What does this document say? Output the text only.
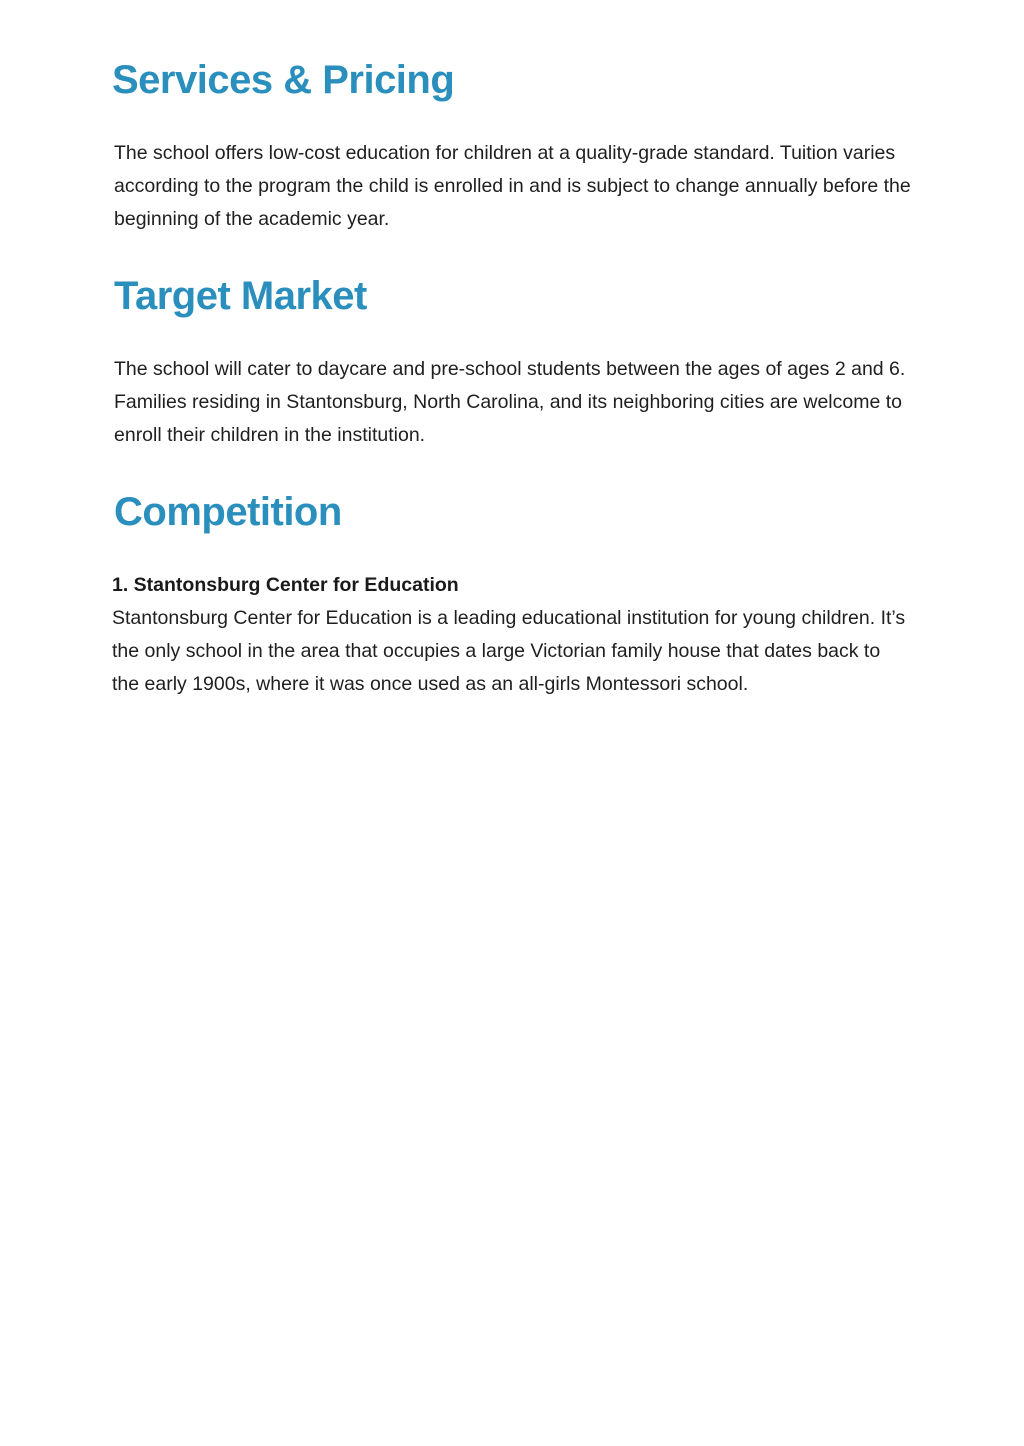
Services & Pricing

The school offers low-cost education for children at a quality-grade standard. Tuition varies according to the program the child is enrolled in and is subject to change annually before the beginning of the academic year.

Target Market

The school will cater to daycare and pre-school students between the ages of ages 2 and 6. Families residing in Stantonsburg, North Carolina, and its neighboring cities are welcome to enroll their children in the institution.

Competition
1. Stantonsburg Center for Education

Stantonsburg Center for Education is a leading educational institution for young children. It’s the only school in the area that occupies a large Victorian family house that dates back to the early 1900s, where it was once used as an all-girls Montessori school.
